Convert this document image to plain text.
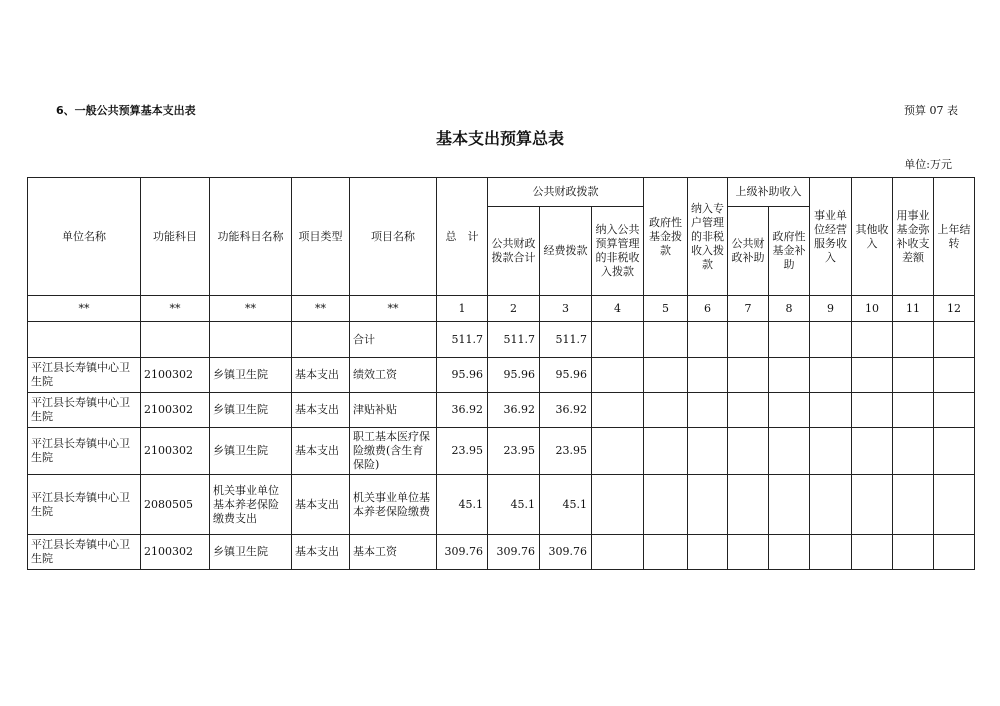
6、一般公共预算基本支出表	预算 07 表
基本支出预算总表
单位:万元
单位名称	功能科目	功能科目名称	项目类型	项目名称	总　计	公共财政拨款			政府性基金拨款	纳入专户管理的非税收入拨款	上级补助收入		事业单位经营服务收入	其他收入	用事业基金弥补收支差额	上年结转
						公共财政拨款合计	经费拨款	纳入公共预算管理的非税收入拨款			公共财政补助	政府性基金补助				
**	**	**	**	**	1	2	3	4	5	6	7	8	9	10	11	12
				合计	511.7	511.7	511.7									
平江县长寿镇中心卫生院	2100302	乡镇卫生院	基本支出	绩效工资	95.96	95.96	95.96									
平江县长寿镇中心卫生院	2100302	乡镇卫生院	基本支出	津贴补贴	36.92	36.92	36.92									
平江县长寿镇中心卫生院	2100302	乡镇卫生院	基本支出	职工基本医疗保险缴费(含生育保险)	23.95	23.95	23.95									
平江县长寿镇中心卫生院	2080505	机关事业单位基本养老保险缴费支出	基本支出	机关事业单位基本养老保险缴费	45.1	45.1	45.1									
平江县长寿镇中心卫生院	2100302	乡镇卫生院	基本支出	基本工资	309.76	309.76	309.76									
